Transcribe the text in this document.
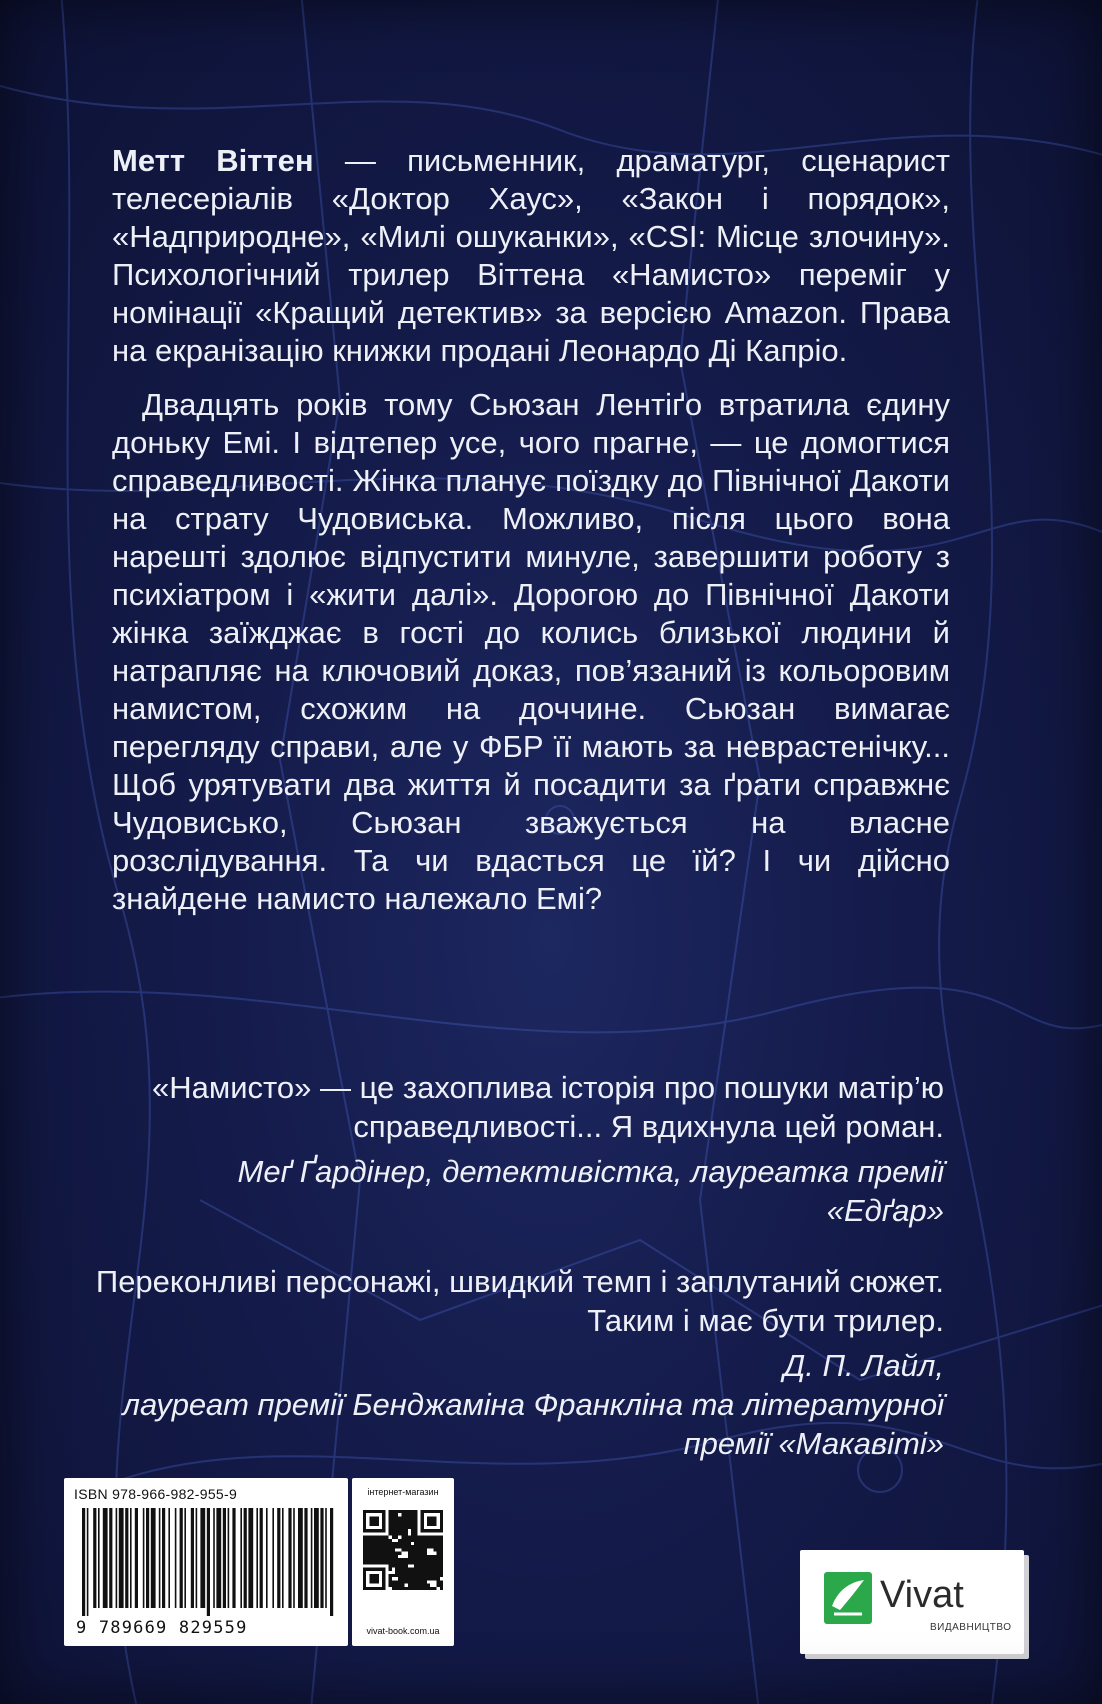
Метт Віттен — письменник, драматург, сценарист телесеріалів «Доктор Хаус», «Закон і порядок», «Надприродне», «Милі ошуканки», «CSI: Місце злочину». Психологічний трилер Віттена «Намисто» переміг у номінації «Кращий детектив» за версією Amazon. Права на екранізацію книжки продані Леонардо Ді Капріо.

Двадцять років тому Сьюзан Лентіґо втратила єдину доньку Емі. І відтепер усе, чого прагне, — це домогтися справедливості. Жінка планує поїздку до Північної Дакоти на страту Чудовиська. Можливо, після цього вона нарешті здолює відпустити минуле, завершити роботу з психіатром і «жити далі». Дорогою до Північної Дакоти жінка заїжджає в гості до колись близької людини й натрапляє на ключовий доказ, пов’язаний із кольоровим намистом, схожим на доччине. Сьюзан вимагає перегляду справи, але у ФБР її мають за неврастенічку... Щоб урятувати два життя й посадити за ґрати справжнє Чудовисько, Сьюзан зважується на власне розслідування. Та чи вдасться це їй? І чи дійсно знайдене намисто належало Емі?

«Намисто» — це захоплива історія про пошуки матір’ю справедливості... Я вдихнула цей роман.

Меґ Ґардінер, детективістка, лауреатка премії «Едґар»

Переконливі персонажі, швидкий темп і заплутаний сюжет. Таким і має бути трилер.

Д. П. Лайл,
лауреат премії Бенджаміна Франкліна та літературної премії «Макавіті»

ISBN 978-966-982-955-9
9 789669 829559
інтернет-магазин
vivat-book.com.ua
Vivat
ВИДАВНИЦТВО
